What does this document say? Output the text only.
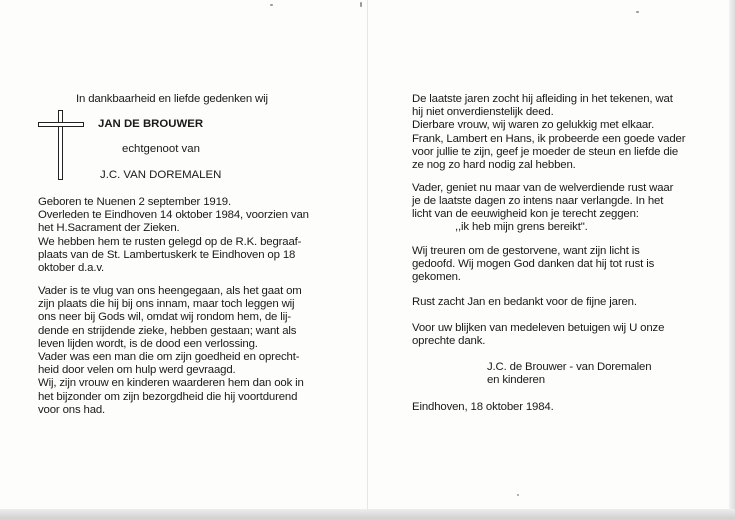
In dankbaarheid en liefde gedenken wij
JAN DE BROUWER
echtgenoot van
J.C. VAN DOREMALEN

Geboren te Nuenen 2 september 1919.
Overleden te Eindhoven 14 oktober 1984, voorzien van
het H.Sacrament der Zieken.
We hebben hem te rusten gelegd op de R.K. begraaf-
plaats van de St. Lambertuskerk te Eindhoven op 18
oktober d.a.v.

Vader is te vlug van ons heengegaan, als het gaat om
zijn plaats die hij bij ons innam, maar toch leggen wij
ons neer bij Gods wil, omdat wij rondom hem, de lij-
dende en strijdende zieke, hebben gestaan; want als
leven lijden wordt, is de dood een verlossing.
Vader was een man die om zijn goedheid en oprecht-
heid door velen om hulp werd gevraagd.
Wij, zijn vrouw en kinderen waarderen hem dan ook in
het bijzonder om zijn bezorgdheid die hij voortdurend
voor ons had.

De laatste jaren zocht hij afleiding in het tekenen, wat
hij niet onverdienstelijk deed.
Dierbare vrouw, wij waren zo gelukkig met elkaar.
Frank, Lambert en Hans, ik probeerde een goede vader
voor jullie te zijn, geef je moeder de steun en liefde die
ze nog zo hard nodig zal hebben.

Vader, geniet nu maar van de welverdiende rust waar
je de laatste dagen zo intens naar verlangde. In het
licht van de eeuwigheid kon je terecht zeggen:

,,ik heb mijn grens bereikt".

Wij treuren om de gestorvene, want zijn licht is
gedoofd. Wij mogen God danken dat hij tot rust is
gekomen.

Rust zacht Jan en bedankt voor de fijne jaren.

Voor uw blijken van medeleven betuigen wij U onze
oprechte dank.

J.C. de Brouwer - van Doremalen
en kinderen

Eindhoven, 18 oktober 1984.
